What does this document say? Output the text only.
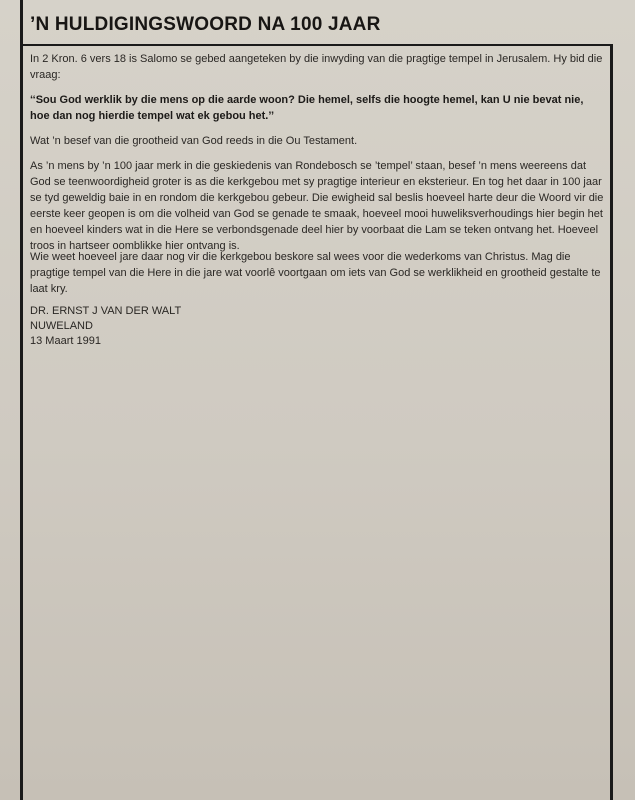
’N HULDIGINGSWOORD NA 100 JAAR

In 2 Kron. 6 vers 18 is Salomo se gebed aangeteken by die inwyding van die pragtige tempel in Jerusalem. Hy bid die vraag:

‘‘Sou God werklik by die mens op die aarde woon? Die hemel, selfs die hoogte hemel, kan U nie bevat nie, hoe dan nog hierdie tempel wat ek gebou het.’’

Wat ’n besef van die grootheid van God reeds in die Ou Testament.

As ’n mens by ’n 100 jaar merk in die geskiedenis van Rondebosch se ’tempel’ staan, besef ’n mens weereens dat God se teenwoordigheid groter is as die kerkgebou met sy pragtige interieur en eksterieur. En tog het daar in 100 jaar se tyd geweldig baie in en rondom die kerkgebou gebeur. Die ewigheid sal beslis hoeveel harte deur die Woord vir die eerste keer geopen is om die volheid van God se genade te smaak, hoeveel mooi huweliksverhoudings hier begin het en hoeveel kinders wat in die Here se verbondsgenade deel hier by voorbaat die Lam se teken ontvang het. Hoeveel troos in hartseer oomblikke hier ontvang is.

Wie weet hoeveel jare daar nog vir die kerkgebou beskore sal wees voor die wederkoms van Christus. Mag die pragtige tempel van die Here in die jare wat voorlê voortgaan om iets van God se werklikheid en grootheid gestalte te laat kry.

DR. ERNST J VAN DER WALT
NUWELAND
13 Maart 1991
